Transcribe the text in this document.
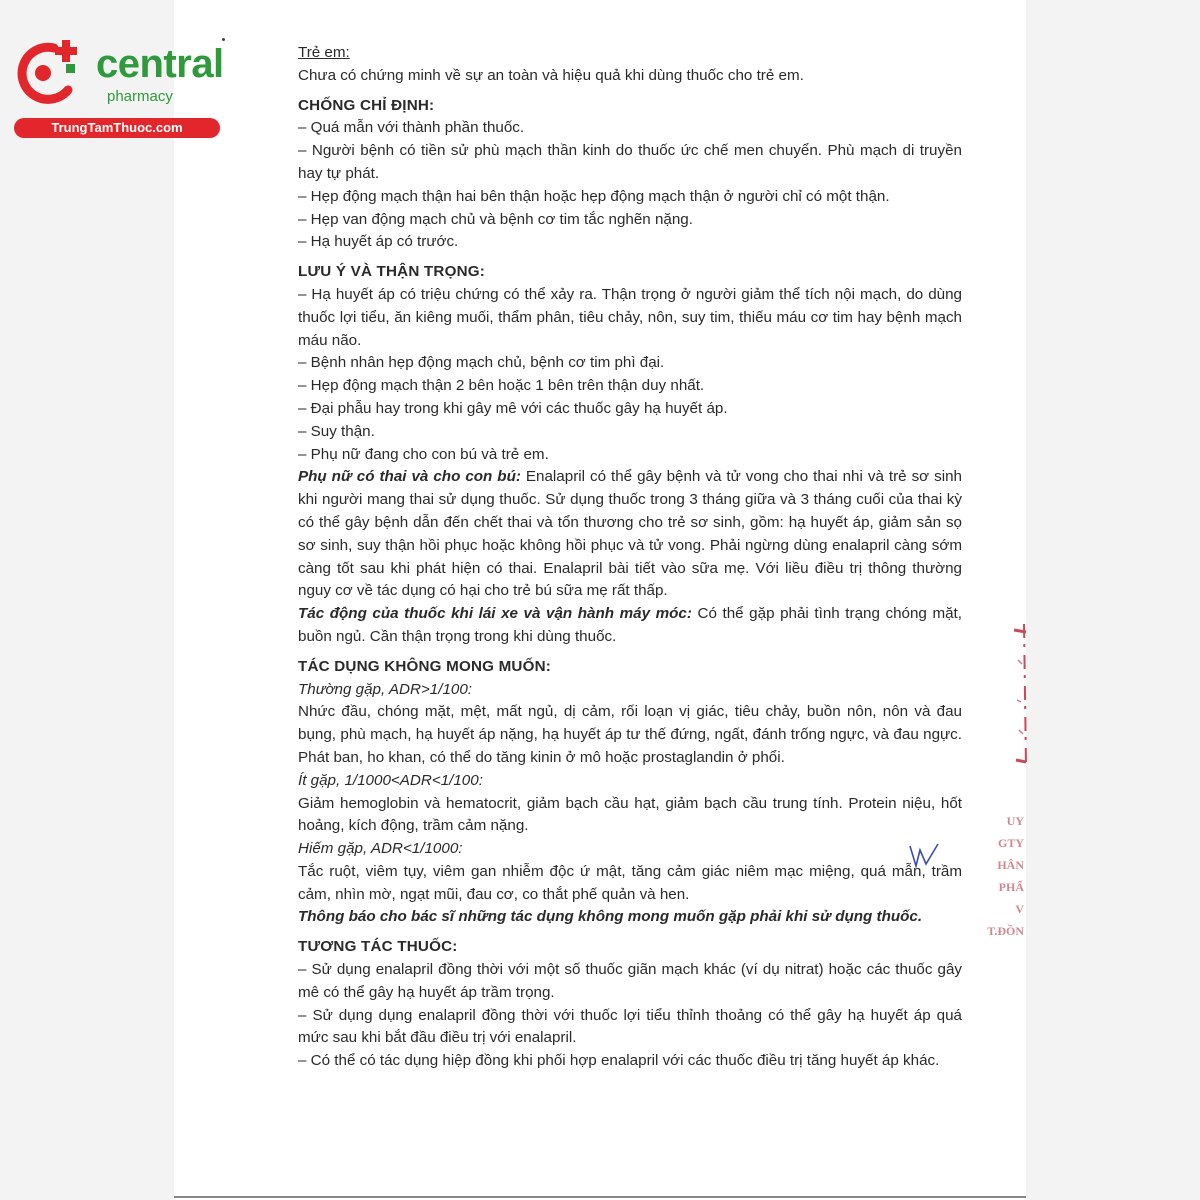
central
pharmacy
TrungTamThuoc.com

Trẻ em:

Chưa có chứng minh về sự an toàn và hiệu quả khi dùng thuốc cho trẻ em.

CHỐNG CHỈ ĐỊNH:

– Quá mẫn với thành phần thuốc.

– Người bệnh có tiền sử phù mạch thần kinh do thuốc ức chế men chuyển. Phù mạch di truyền hay tự phát.

– Hẹp động mạch thận hai bên thận hoặc hẹp động mạch thận ở người chỉ có một thận.

– Hẹp van động mạch chủ và bệnh cơ tim tắc nghẽn nặng.

– Hạ huyết áp có trước.

LƯU Ý VÀ THẬN TRỌNG:

– Hạ huyết áp có triệu chứng có thể xảy ra. Thận trọng ở người giảm thể tích nội mạch, do dùng thuốc lợi tiểu, ăn kiêng muối, thẩm phân, tiêu chảy, nôn, suy tim, thiếu máu cơ tim hay bệnh mạch máu não.

– Bệnh nhân hẹp động mạch chủ, bệnh cơ tim phì đại.

– Hẹp động mạch thận 2 bên hoặc 1 bên trên thận duy nhất.

– Đại phẫu hay trong khi gây mê với các thuốc gây hạ huyết áp.

– Suy thận.

– Phụ nữ đang cho con bú và trẻ em.

Phụ nữ có thai và cho con bú: Enalapril có thể gây bệnh và tử vong cho thai nhi và trẻ sơ sinh khi người mang thai sử dụng thuốc. Sử dụng thuốc trong 3 tháng giữa và 3 tháng cuối của thai kỳ có thể gây bệnh dẫn đến chết thai và tổn thương cho trẻ sơ sinh, gồm: hạ huyết áp, giảm sản sọ sơ sinh, suy thận hồi phục hoặc không hồi phục và tử vong. Phải ngừng dùng enalapril càng sớm càng tốt sau khi phát hiện có thai. Enalapril bài tiết vào sữa mẹ. Với liều điều trị thông thường nguy cơ về tác dụng có hại cho trẻ bú sữa mẹ rất thấp.

Tác động của thuốc khi lái xe và vận hành máy móc: Có thể gặp phải tình trạng chóng mặt, buồn ngủ. Cần thận trọng trong khi dùng thuốc.

TÁC DỤNG KHÔNG MONG MUỐN:

Thường gặp, ADR>1/100:

Nhức đầu, chóng mặt, mệt, mất ngủ, dị cảm, rối loạn vị giác, tiêu chảy, buồn nôn, nôn và đau bụng, phù mạch, hạ huyết áp nặng, hạ huyết áp tư thế đứng, ngất, đánh trống ngực, và đau ngực. Phát ban, ho khan, có thể do tăng kinin ở mô hoặc prostaglandin ở phổi.

Ít gặp, 1/1000<ADR<1/100:

Giảm hemoglobin và hematocrit, giảm bạch cầu hạt, giảm bạch cầu trung tính. Protein niệu, hốt hoảng, kích động, trầm cảm nặng.

Hiếm gặp, ADR<1/1000:

Tắc ruột, viêm tụy, viêm gan nhiễm độc ứ mật, tăng cảm giác niêm mạc miệng, quá mẫn, trầm cảm, nhìn mờ, ngạt mũi, đau cơ, co thắt phế quản và hen.

Thông báo cho bác sĩ những tác dụng không mong muốn gặp phải khi sử dụng thuốc.

TƯƠNG TÁC THUỐC:

– Sử dụng enalapril đồng thời với một số thuốc giãn mạch khác (ví dụ nitrat) hoặc các thuốc gây mê có thể gây hạ huyết áp trầm trọng.

– Sử dụng dụng enalapril đồng thời với thuốc lợi tiểu thỉnh thoảng có thể gây hạ huyết áp quá mức sau khi bắt đầu điều trị với enalapril.

– Có thể có tác dụng hiệp đồng khi phối hợp enalapril với các thuốc điều trị tăng huyết áp khác.

UY
GTY
HÂN
PHẨ
V
T.ĐỒN
